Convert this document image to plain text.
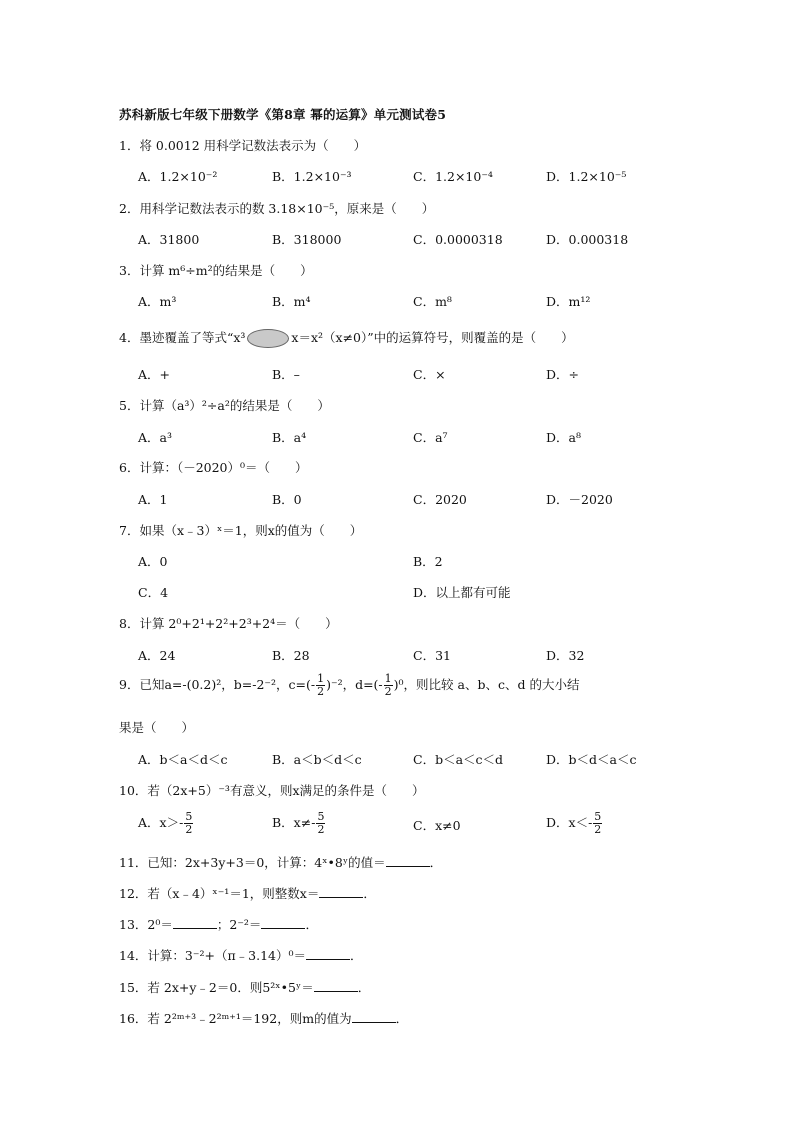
苏科新版七年级下册数学《第8章 幂的运算》单元测试卷5
1．将 0.0012 用科学记数法表示为（　　）
A．1.2×10⁻²	B．1.2×10⁻³	C．1.2×10⁻⁴	D．1.2×10⁻⁵
2．用科学记数法表示的数 3.18×10⁻⁵，原来是（　　）
A．31800	B．318000	C．0.0000318	D．0.000318
3．计算 m⁶÷m²的结果是（　　）
A．m³	B．m⁴	C．m⁸	D．m¹²
4．墨迹覆盖了等式“x³	x＝x²（x≠0）”中的运算符号，则覆盖的是（　　）
A．+	B．–	C．×	D．÷
5．计算（a³）²÷a²的结果是（　　）
A．a³	B．a⁴	C．a⁷	D．a⁸
6．计算：（－2020）⁰＝（　　）
A．1	B．0	C．2020	D．－2020
7．如果（x﹣3）ˣ＝1，则x的值为（　　）
A．0	B．2
C．4	D．以上都有可能
8．计算 2⁰+2¹+2²+2³+2⁴＝（　　）
A．24	B．28	C．31	D．32
9．已知a=-(0.2)²，b=-2⁻²，$c=(- \frac{1}{2} )^{-2}$，$d=(- \frac{1}{2} )^0$，则比较 a、b、c、d 的大小结
果是（　　）
A．b＜a＜d＜c	B．a＜b＜d＜c	C．b＜a＜c＜d	D．b＜d＜a＜c
10．若（2x+5）⁻³有意义，则x满足的条件是（　　）
A．$x>- \frac{5}{2}$	B．$x\ne- \frac{5}{2}$	C．x≠0	D．$x<- \frac{5}{2}$
11．已知：2x+3y+3＝0，计算：4ˣ•8ʸ的值＝	．
12．若（x﹣4）ˣ⁻¹＝1，则整数x＝	．
13．2⁰＝	；2⁻²＝	．
14．计算：3⁻²+（π﹣3.14）⁰＝	．
15．若 2x+y﹣2＝0．则5²ˣ•5ʸ＝	．
16．若 2²ᵐ⁺³﹣2²ᵐ⁺¹＝192，则m的值为	．
